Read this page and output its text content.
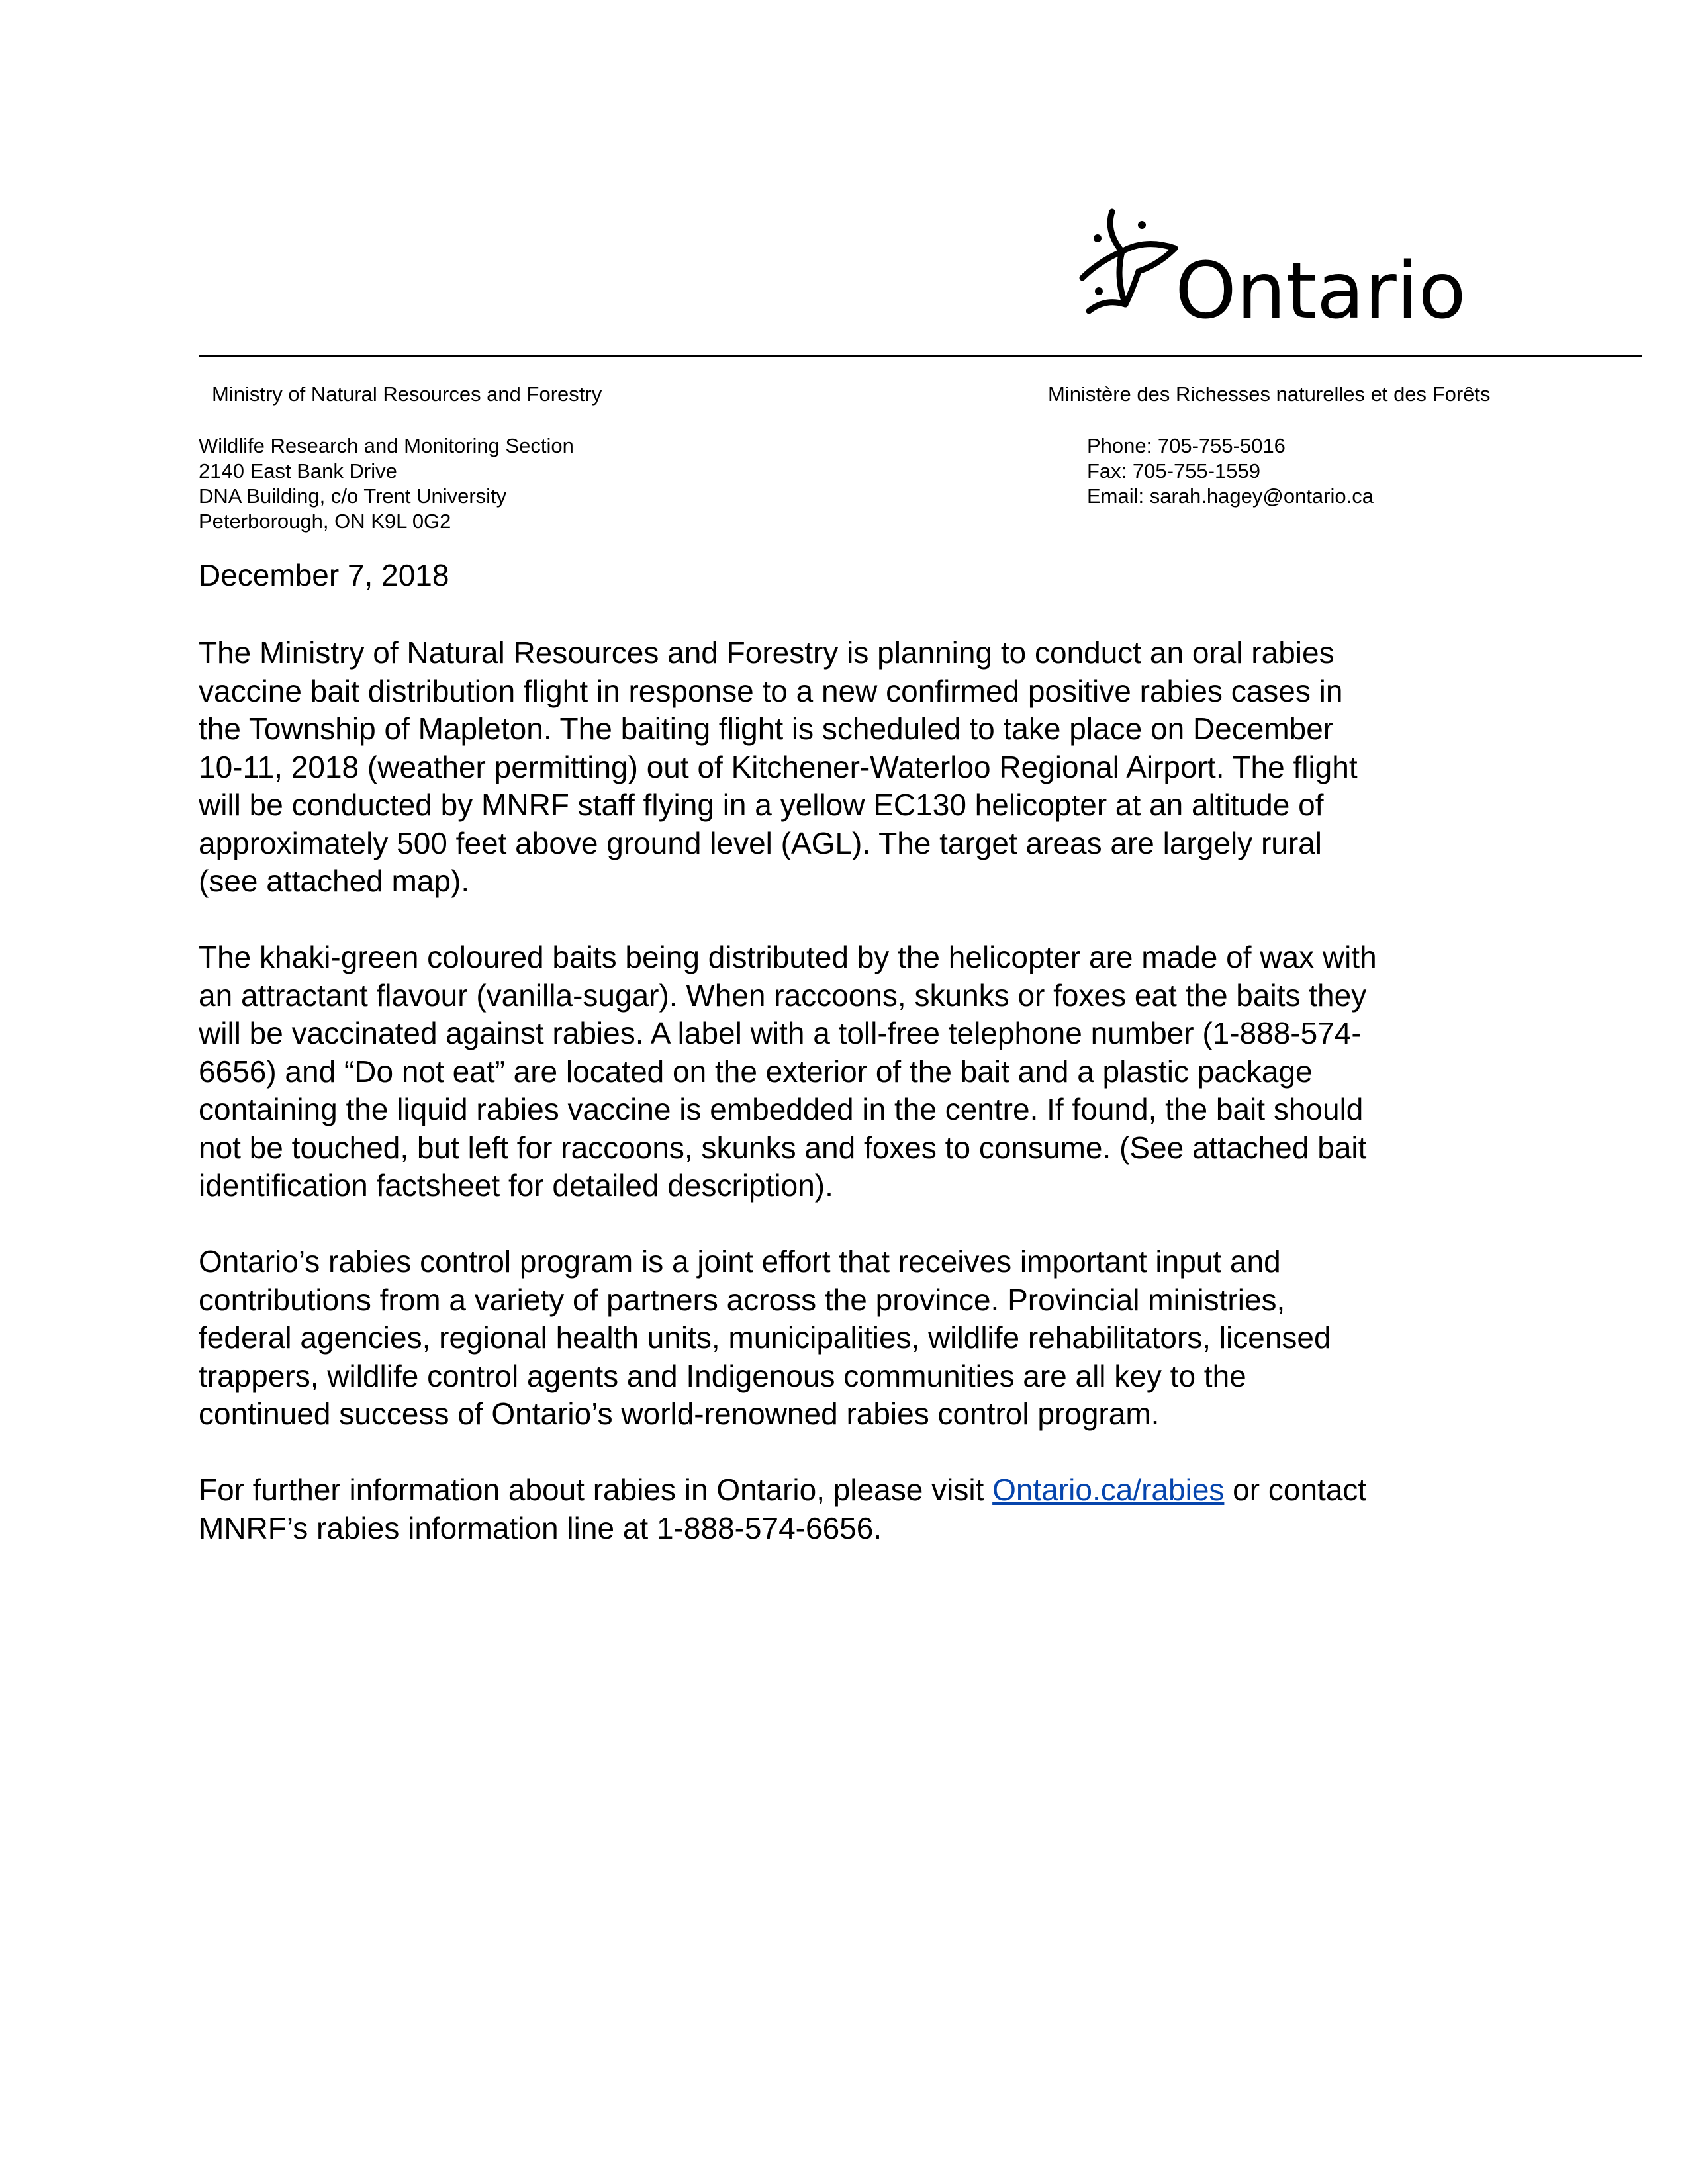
Ontario
Ministry of Natural Resources and Forestry	Ministère des Richesses naturelles et des Forêts
Wildlife Research and Monitoring Section
2140 East Bank Drive
DNA Building, c/o Trent University
Peterborough, ON K9L 0G2
Phone: 705-755-5016
Fax: 705-755-1559
Email: sarah.hagey@ontario.ca
December 7, 2018

The Ministry of Natural Resources and Forestry is planning to conduct an oral rabies
vaccine bait distribution flight in response to a new confirmed positive rabies cases in
the Township of Mapleton. The baiting flight is scheduled to take place on December
10-11, 2018 (weather permitting) out of Kitchener-Waterloo Regional Airport. The flight
will be conducted by MNRF staff flying in a yellow EC130 helicopter at an altitude of
approximately 500 feet above ground level (AGL). The target areas are largely rural
(see attached map).

The khaki-green coloured baits being distributed by the helicopter are made of wax with
an attractant flavour (vanilla-sugar). When raccoons, skunks or foxes eat the baits they
will be vaccinated against rabies. A label with a toll-free telephone number (1-888-574-
6656) and “Do not eat” are located on the exterior of the bait and a plastic package
containing the liquid rabies vaccine is embedded in the centre. If found, the bait should
not be touched, but left for raccoons, skunks and foxes to consume. (See attached bait
identification factsheet for detailed description).

Ontario’s rabies control program is a joint effort that receives important input and
contributions from a variety of partners across the province. Provincial ministries,
federal agencies, regional health units, municipalities, wildlife rehabilitators, licensed
trappers, wildlife control agents and Indigenous communities are all key to the
continued success of Ontario’s world-renowned rabies control program.

For further information about rabies in Ontario, please visit Ontario.ca/rabies or contact
MNRF’s rabies information line at 1-888-574-6656.
